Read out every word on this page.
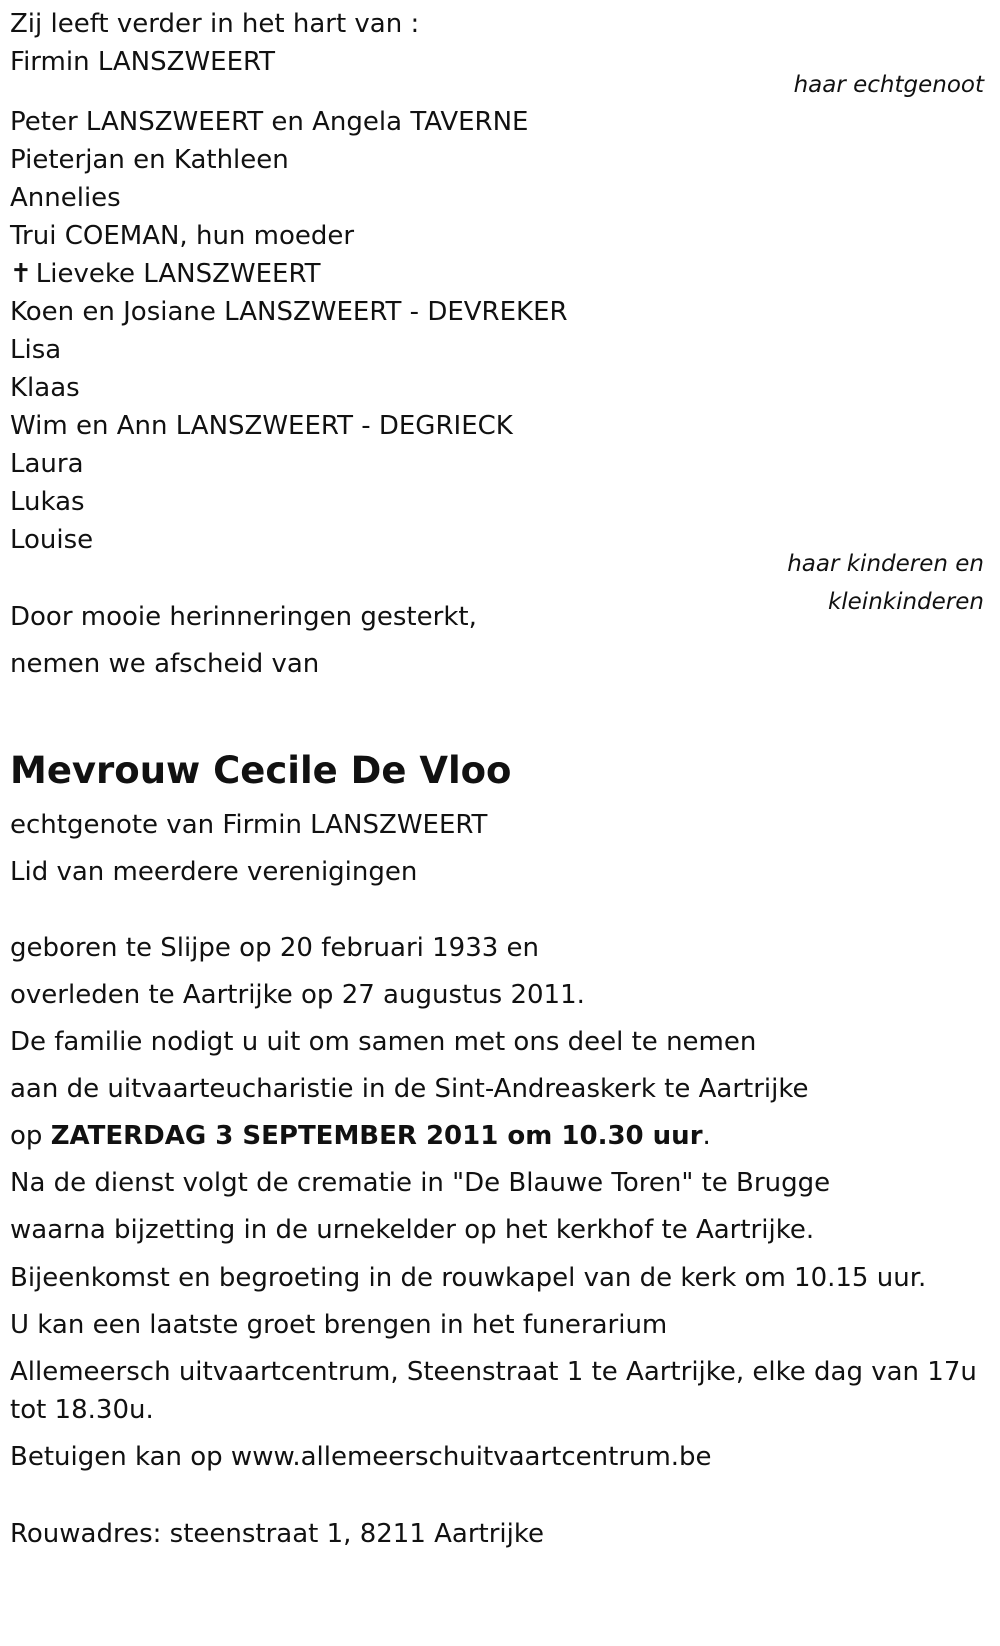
Zij leeft verder in het hart van :
Firmin LANSZWEERT
haar echtgenoot
Peter LANSZWEERT en Angela TAVERNE
Pieterjan en Kathleen
Annelies
Trui COEMAN, hun moeder
✝ Lieveke LANSZWEERT
Koen en Josiane LANSZWEERT - DEVREKER
Lisa
Klaas
Wim en Ann LANSZWEERT - DEGRIECK
Laura
Lukas
Louise
haar kinderen en
kleinkinderen
Door mooie herinneringen gesterkt,
nemen we afscheid van
Mevrouw Cecile De Vloo
echtgenote van Firmin LANSZWEERT
Lid van meerdere verenigingen
geboren te Slijpe op 20 februari 1933 en
overleden te Aartrijke op 27 augustus 2011.
De familie nodigt u uit om samen met ons deel te nemen
aan de uitvaarteucharistie in de Sint-Andreaskerk te Aartrijke
op ZATERDAG 3 SEPTEMBER 2011 om 10.30 uur.
Na de dienst volgt de crematie in "De Blauwe Toren" te Brugge
waarna bijzetting in de urnekelder op het kerkhof te Aartrijke.
Bijeenkomst en begroeting in de rouwkapel van de kerk om 10.15 uur.
U kan een laatste groet brengen in het funerarium
Allemeersch uitvaartcentrum, Steenstraat 1 te Aartrijke, elke dag van 17u
tot 18.30u.
Betuigen kan op www.allemeerschuitvaartcentrum.be
Rouwadres: steenstraat 1, 8211 Aartrijke
